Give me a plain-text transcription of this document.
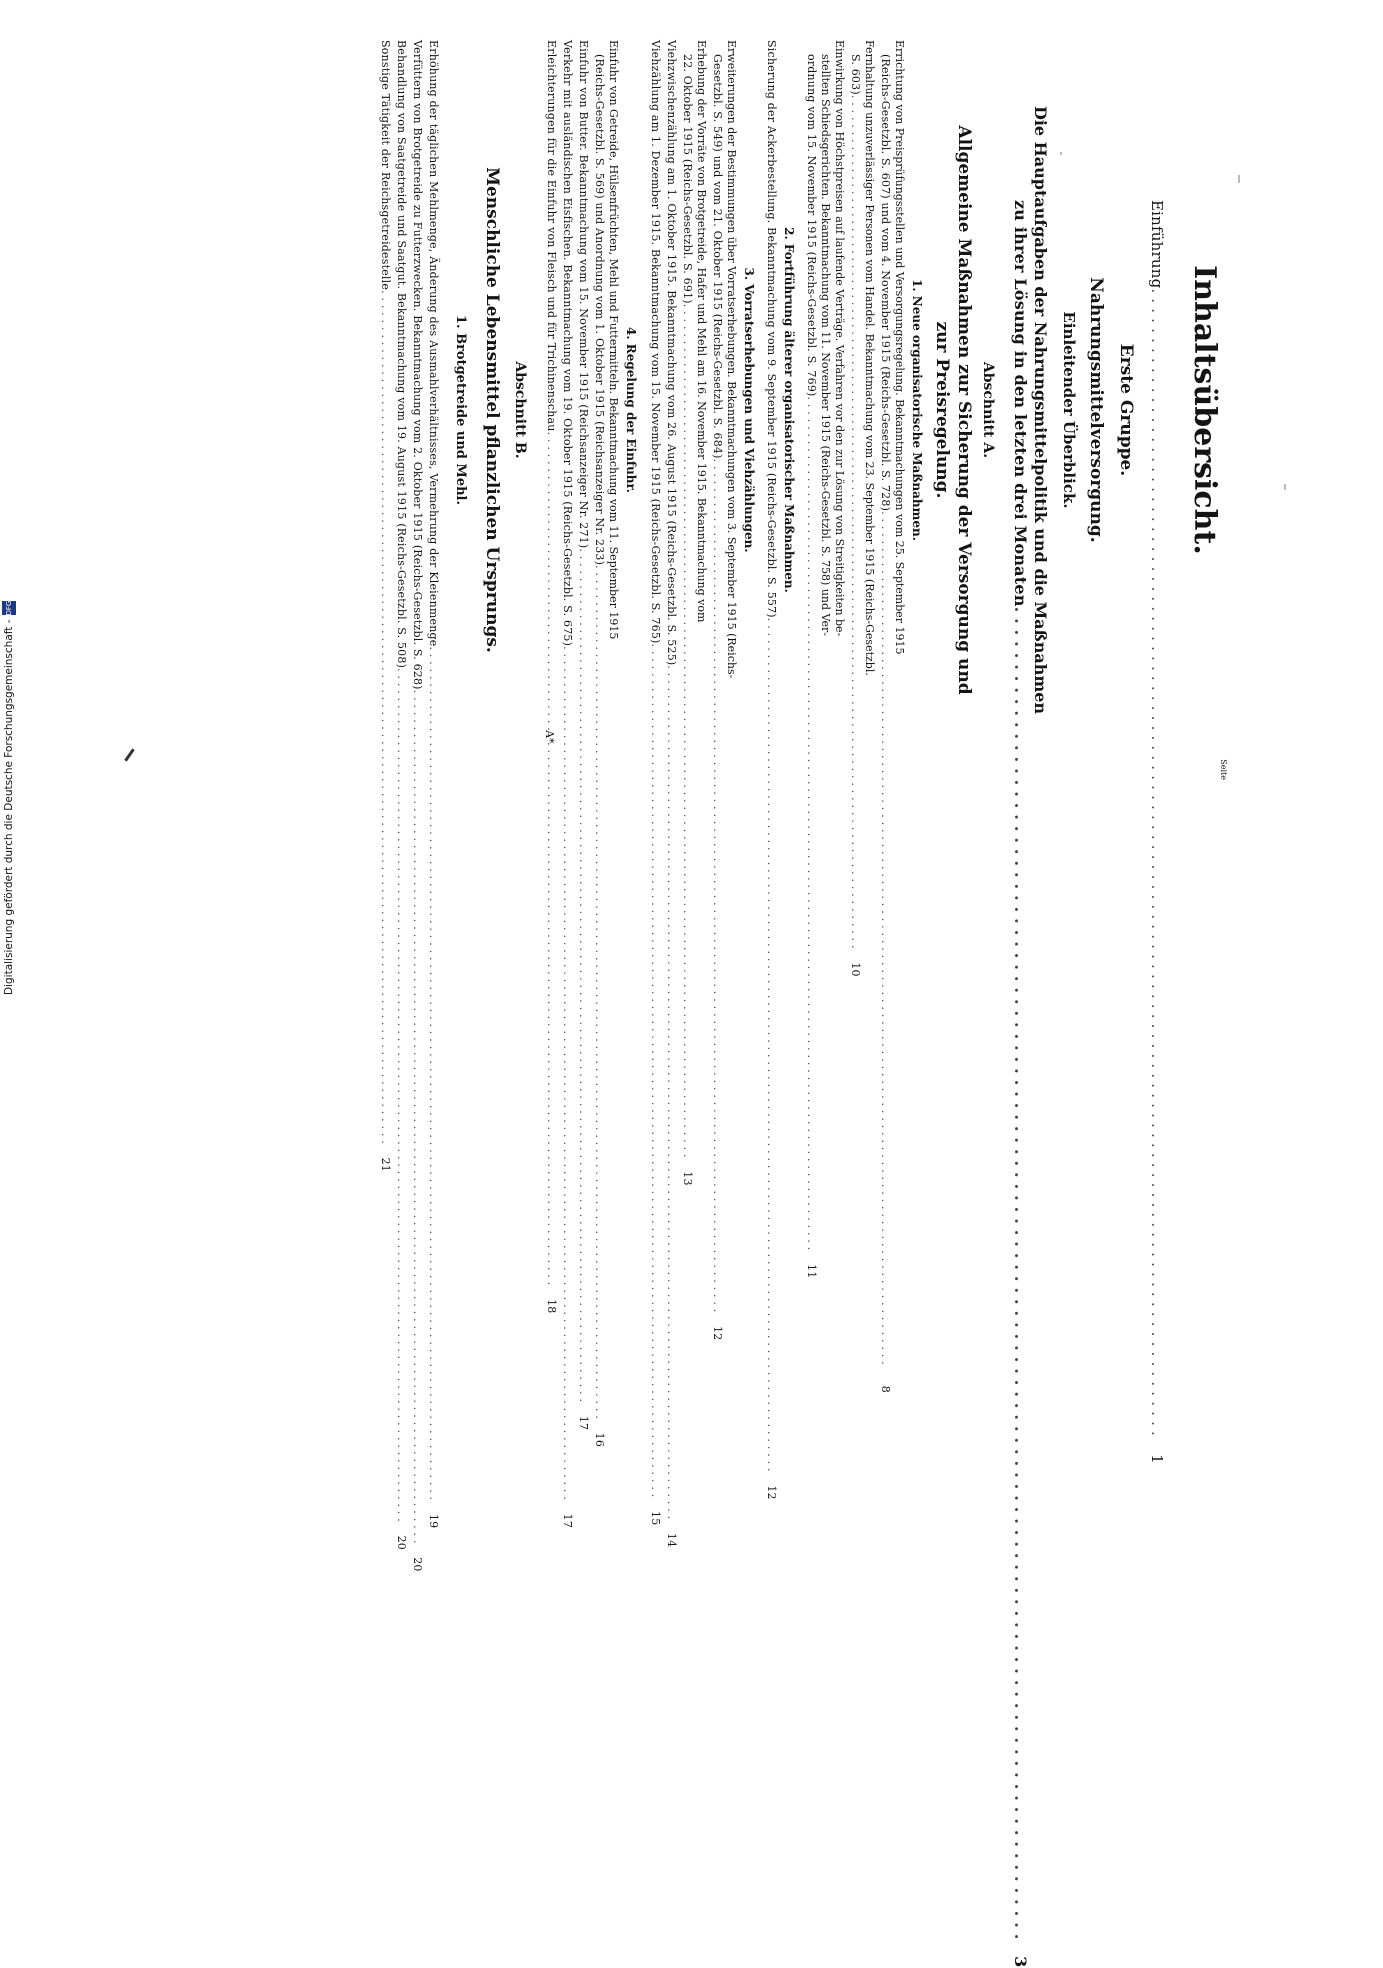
Seite
Inhaltsübersicht.
Einführung
. . .
1
Erste Gruppe.
Nahrungsmittelversorgung.
Einleitender Überblick.
Die Hauptaufgaben der Nahrungsmittelpolitik und die Maßnahmen
zu ihrer Lösung in den letzten drei Monaten
. . .
3
Abschnitt A.
Allgemeine Maßnahmen zur Sicherung der Versorgung und
zur Preisregelung.
1. Neue organisatorische Maßnahmen.
Errichtung von Preisprüfungsstellen und Versorgungsregelung. Bekanntmachungen vom 25. September 1915
(Reichs-Gesetzbl. S. 607) und vom 4. November 1915 (Reichs-Gesetzbl. S. 728)
. . .
8
Fernhaltung unzuverlässiger Personen vom Handel. Bekanntmachung vom 23. September 1915 (Reichs-Gesetzbl.
S. 603)
. . .
10
Einwirkung von Höchstpreisen auf laufende Verträge. Verfahren vor den zur Lösung von Streitigkeiten be-
stellten Schiedsgerichten. Bekanntmachung vom 11. November 1915 (Reichs-Gesetzbl. S. 758) und Ver-
ordnung vom 15. November 1915 (Reichs-Gesetzbl. S. 769)
. . .
11
2. Fortführung älterer organisatorischer Maßnahmen.
Sicherung der Ackerbestellung. Bekanntmachung vom 9. September 1915 (Reichs-Gesetzbl. S. 557)
. . .
12
3. Vorratserhebungen und Viehzählungen.
Erweiterungen der Bestimmungen über Vorratserhebungen. Bekanntmachungen vom 3. September 1915 (Reichs-
Gesetzbl. S. 549) und vom 21. Oktober 1915 (Reichs-Gesetzbl. S. 684)
. . .
12
Erhebung der Vorräte von Brotgetreide, Hafer und Mehl am 16. November 1915. Bekanntmachung vom
22. Oktober 1915 (Reichs-Gesetzbl. S. 691)
. . .
13
Viehzwischenzählung am 1. Oktober 1915. Bekanntmachung vom 26. August 1915 (Reichs-Gesetzbl. S. 525)
. . .
14
Viehzählung am 1. Dezember 1915. Bekanntmachung vom 15. November 1915 (Reichs-Gesetzbl. S. 765)
. . .
15
4. Regelung der Einfuhr.
Einfuhr von Getreide, Hülsenfrüchten, Mehl und Futtermitteln. Bekanntmachung vom 11. September 1915
(Reichs-Gesetzbl. S. 569) und Anordnung vom 1. Oktober 1915 (Reichsanzeiger Nr. 233)
. . .
16
Einfuhr von Butter. Bekanntmachung vom 15. November 1915 (Reichsanzeiger Nr. 271)
. . .
17
Verkehr mit ausländischen Eisfischen. Bekanntmachung vom 19. Oktober 1915 (Reichs-Gesetzbl. S. 675)
. . .
17
Erleichterungen für die Einfuhr von Fleisch und für Trichinenschau
. . .
18
Abschnitt B.
Menschliche Lebensmittel pflanzlichen Ursprungs.
1. Brotgetreide und Mehl.
Erhöhung der täglichen Mehlmenge, Änderung des Ausmahlverhältnisses, Vermehrung der Kleienmenge
. . .
19
Verfüttern von Brotgetreide zu Futterzwecken. Bekanntmachung vom 2. Oktober 1915 (Reichs-Gesetzbl. S. 628)
. . .
20
Behandlung von Saatgetreide und Saatgut. Bekanntmachung vom 19. August 1915 (Reichs-Gesetzbl. S. 508)
. . .
20
Sonstige Tätigkeit der Reichsgetreidestelle
. . .
21
A*
Digitalisierung gefördert durch die Deutsche Forschungsgemeinschaft -DFG
